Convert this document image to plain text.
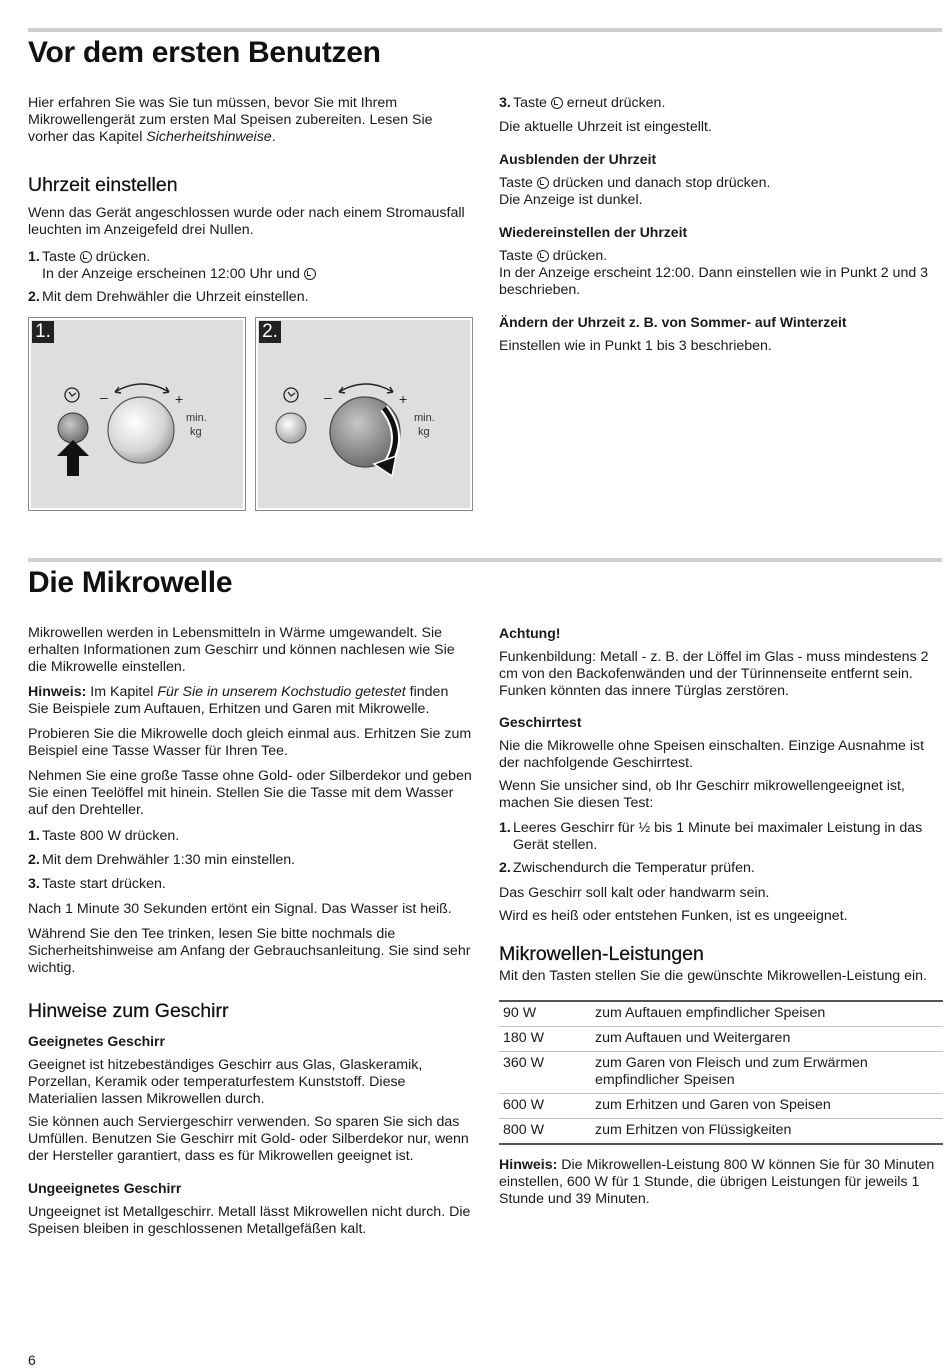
Vor dem ersten Benutzen

Hier erfahren Sie was Sie tun müssen, bevor Sie mit Ihrem Mikrowellengerät zum ersten Mal Speisen zubereiten. Lesen Sie vorher das Kapitel Sicherheitshinweise.

Uhrzeit einstellen

Wenn das Gerät angeschlossen wurde oder nach einem Stromausfall leuchten im Anzeigefeld drei Nullen.

1. Taste  drücken.
In der Anzeige erscheinen 12:00 Uhr und
2. Mit dem Drehwähler die Uhrzeit einstellen.
1.
–	+
min.
kg
2.
–	+
min.
kg
3. Taste  erneut drücken.

Die aktuelle Uhrzeit ist eingestellt.

Ausblenden der Uhrzeit

Taste  drücken und danach stop drücken.
Die Anzeige ist dunkel.

Wiedereinstellen der Uhrzeit

Taste  drücken.
In der Anzeige erscheint 12:00. Dann einstellen wie in Punkt 2 und 3 beschrieben.

Ändern der Uhrzeit z. B. von Sommer- auf Winterzeit

Einstellen wie in Punkt 1 bis 3 beschrieben.

Die Mikrowelle

Mikrowellen werden in Lebensmitteln in Wärme umgewandelt. Sie erhalten Informationen zum Geschirr und können nachlesen wie Sie die Mikrowelle einstellen.

Hinweis: Im Kapitel Für Sie in unserem Kochstudio getestet finden Sie Beispiele zum Auftauen, Erhitzen und Garen mit Mikrowelle.

Probieren Sie die Mikrowelle doch gleich einmal aus. Erhitzen Sie zum Beispiel eine Tasse Wasser für Ihren Tee.

Nehmen Sie eine große Tasse ohne Gold- oder Silberdekor und geben Sie einen Teelöffel mit hinein. Stellen Sie die Tasse mit dem Wasser auf den Drehteller.

1. Taste 800 W drücken.
2. Mit dem Drehwähler 1:30 min einstellen.
3. Taste start drücken.

Nach 1 Minute 30 Sekunden ertönt ein Signal. Das Wasser ist heiß.

Während Sie den Tee trinken, lesen Sie bitte nochmals die Sicherheitshinweise am Anfang der Gebrauchsanleitung. Sie sind sehr wichtig.

Hinweise zum Geschirr
Geeignetes Geschirr

Geeignet ist hitzebeständiges Geschirr aus Glas, Glaskeramik, Porzellan, Keramik oder temperaturfestem Kunststoff. Diese Materialien lassen Mikrowellen durch.

Sie können auch Serviergeschirr verwenden. So sparen Sie sich das Umfüllen. Benutzen Sie Geschirr mit Gold- oder Silberdekor nur, wenn der Hersteller garantiert, dass es für Mikrowellen geeignet ist.

Ungeeignetes Geschirr

Ungeeignet ist Metallgeschirr. Metall lässt Mikrowellen nicht durch. Die Speisen bleiben in geschlossenen Metallgefäßen kalt.

Achtung!

Funkenbildung: Metall - z. B. der Löffel im Glas - muss mindestens 2 cm von den Backofenwänden und der Türinnenseite entfernt sein. Funken könnten das innere Türglas zerstören.

Geschirrtest

Nie die Mikrowelle ohne Speisen einschalten. Einzige Ausnahme ist der nachfolgende Geschirrtest.

Wenn Sie unsicher sind, ob Ihr Geschirr mikrowellengeeignet ist, machen Sie diesen Test:

1. Leeres Geschirr für ½ bis 1 Minute bei maximaler Leistung in das Gerät stellen.
2. Zwischendurch die Temperatur prüfen.

Das Geschirr soll kalt oder handwarm sein.

Wird es heiß oder entstehen Funken, ist es ungeeignet.

Mikrowellen-Leistungen

Mit den Tasten stellen Sie die gewünschte Mikrowellen-Leistung ein.

90 W	zum Auftauen empfindlicher Speisen
180 W	zum Auftauen und Weitergaren
360 W	zum Garen von Fleisch und zum Erwärmen empfindlicher Speisen
600 W	zum Erhitzen und Garen von Speisen
800 W	zum Erhitzen von Flüssigkeiten

Hinweis: Die Mikrowellen-Leistung 800 W können Sie für 30 Minuten einstellen, 600 W für 1 Stunde, die übrigen Leistungen für jeweils 1 Stunde und 39 Minuten.

6
